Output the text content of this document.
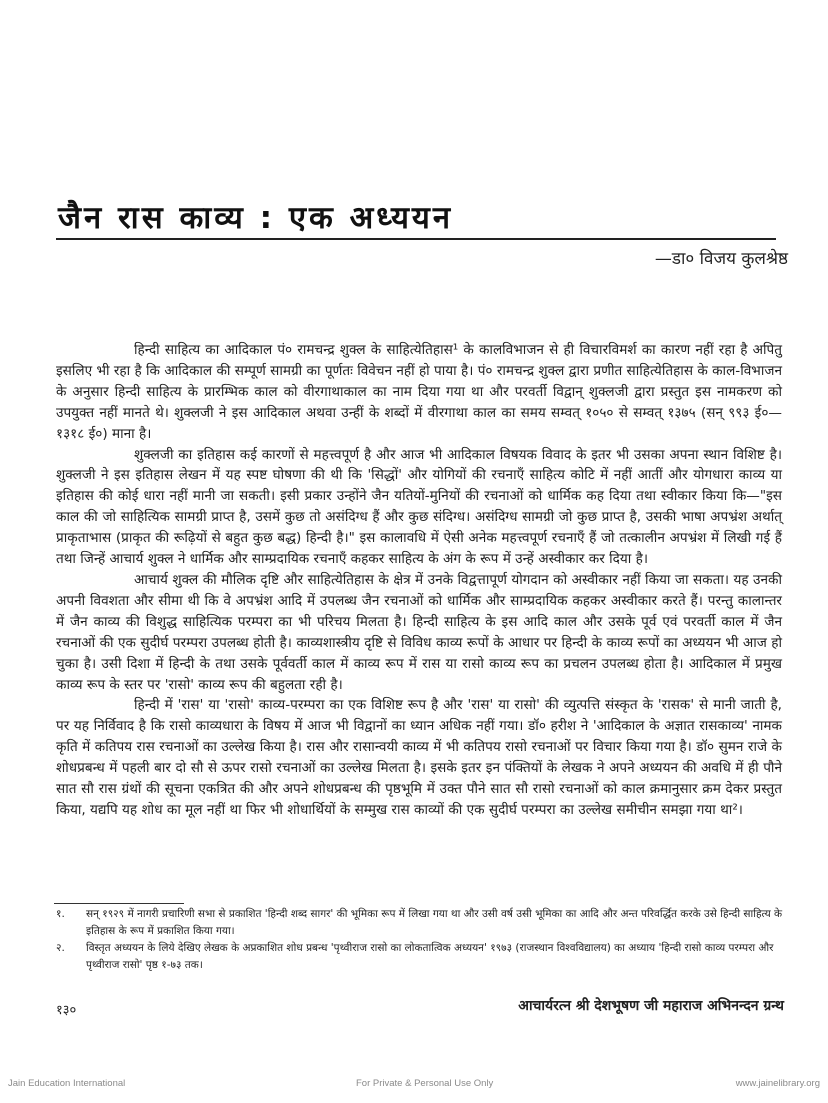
जैन रास काव्य : एक अध्ययन
—डा० विजय कुलश्रेष्ठ

हिन्दी साहित्य का आदिकाल पं० रामचन्द्र शुक्ल के साहित्येतिहास¹ के कालविभाजन से ही विचारविमर्श का कारण नहीं रहा है अपितु इसलिए भी रहा है कि आदिकाल की सम्पूर्ण सामग्री का पूर्णतः विवेचन नहीं हो पाया है। पं० रामचन्द्र शुक्ल द्वारा प्रणीत साहित्येतिहास के काल-विभाजन के अनुसार हिन्दी साहित्य के प्रारम्भिक काल को वीरगाथाकाल का नाम दिया गया था और परवर्ती विद्वान् शुक्लजी द्वारा प्रस्तुत इस नामकरण को उपयुक्त नहीं मानते थे। शुक्लजी ने इस आदिकाल अथवा उन्हीं के शब्दों में वीरगाथा काल का समय सम्वत् १०५० से सम्वत् १३७५ (सन् ९९३ ई०—१३१८ ई०) माना है।

शुक्लजी का इतिहास कई कारणों से महत्त्वपूर्ण है और आज भी आदिकाल विषयक विवाद के इतर भी उसका अपना स्थान विशिष्ट है। शुक्लजी ने इस इतिहास लेखन में यह स्पष्ट घोषणा की थी कि 'सिद्धों' और योगियों की रचनाएँ साहित्य कोटि में नहीं आतीं और योगधारा काव्य या इतिहास की कोई धारा नहीं मानी जा सकती। इसी प्रकार उन्होंने जैन यतियों-मुनियों की रचनाओं को धार्मिक कह दिया तथा स्वीकार किया कि—"इस काल की जो साहित्यिक सामग्री प्राप्त है, उसमें कुछ तो असंदिग्ध हैं और कुछ संदिग्ध। असंदिग्ध सामग्री जो कुछ प्राप्त है, उसकी भाषा अपभ्रंश अर्थात् प्राकृताभास (प्राकृत की रूढ़ियों से बहुत कुछ बद्ध) हिन्दी है।" इस कालावधि में ऐसी अनेक महत्त्वपूर्ण रचनाएँ हैं जो तत्कालीन अपभ्रंश में लिखी गई हैं तथा जिन्हें आचार्य शुक्ल ने धार्मिक और साम्प्रदायिक रचनाएँ कहकर साहित्य के अंग के रूप में उन्हें अस्वीकार कर दिया है।

आचार्य शुक्ल की मौलिक दृष्टि और साहित्येतिहास के क्षेत्र में उनके विद्वत्तापूर्ण योगदान को अस्वीकार नहीं किया जा सकता। यह उनकी अपनी विवशता और सीमा थी कि वे अपभ्रंश आदि में उपलब्ध जैन रचनाओं को धार्मिक और साम्प्रदायिक कहकर अस्वीकार करते हैं। परन्तु कालान्तर में जैन काव्य की विशुद्ध साहित्यिक परम्परा का भी परिचय मिलता है। हिन्दी साहित्य के इस आदि काल और उसके पूर्व एवं परवर्ती काल में जैन रचनाओं की एक सुदीर्घ परम्परा उपलब्ध होती है। काव्यशास्त्रीय दृष्टि से विविध काव्य रूपों के आधार पर हिन्दी के काव्य रूपों का अध्ययन भी आज हो चुका है। उसी दिशा में हिन्दी के तथा उसके पूर्ववर्ती काल में काव्य रूप में रास या रासो काव्य रूप का प्रचलन उपलब्ध होता है। आदिकाल में प्रमुख काव्य रूप के स्तर पर 'रासो' काव्य रूप की बहुलता रही है।

हिन्दी में 'रास' या 'रासो' काव्य-परम्परा का एक विशिष्ट रूप है और 'रास' या रासो' की व्युत्पत्ति संस्कृत के 'रासक' से मानी जाती है, पर यह निर्विवाद है कि रासो काव्यधारा के विषय में आज भी विद्वानों का ध्यान अधिक नहीं गया। डॉ० हरीश ने 'आदिकाल के अज्ञात रासकाव्य' नामक कृति में कतिपय रास रचनाओं का उल्लेख किया है। रास और रासान्वयी काव्य में भी कतिपय रासो रचनाओं पर विचार किया गया है। डॉ० सुमन राजे के शोधप्रबन्ध में पहली बार दो सौ से ऊपर रासो रचनाओं का उल्लेख मिलता है। इसके इतर इन पंक्तियों के लेखक ने अपने अध्ययन की अवधि में ही पौने सात सौ रास ग्रंथों की सूचना एकत्रित की और अपने शोधप्रबन्ध की पृष्ठभूमि में उक्त पौने सात सौ रासो रचनाओं को काल क्रमानुसार क्रम देकर प्रस्तुत किया, यद्यपि यह शोध का मूल नहीं था फिर भी शोधार्थियों के सम्मुख रास काव्यों की एक सुदीर्घ परम्परा का उल्लेख समीचीन समझा गया था²।

१.	सन् १९२९ में नागरी प्रचारिणी सभा से प्रकाशित 'हिन्दी शब्द सागर' की भूमिका रूप में लिखा गया था और उसी वर्ष उसी भूमिका का आदि और अन्त परिवर्द्धित करके उसे हिन्दी साहित्य के इतिहास के रूप में प्रकाशित किया गया।
२.	विस्तृत अध्ययन के लिये देखिए लेखक के अप्रकाशित शोध प्रबन्ध 'पृथ्वीराज रासो का लोकतात्विक अध्ययन' १९७३ (राजस्थान विश्वविद्यालय) का अध्याय 'हिन्दी रासो काव्य परम्परा और पृथ्वीराज रासो' पृष्ठ १-७३ तक।
१३०	आचार्यरत्न श्री देशभूषण जी महाराज अभिनन्दन ग्रन्थ
Jain Education International	For Private & Personal Use Only	www.jainelibrary.org
